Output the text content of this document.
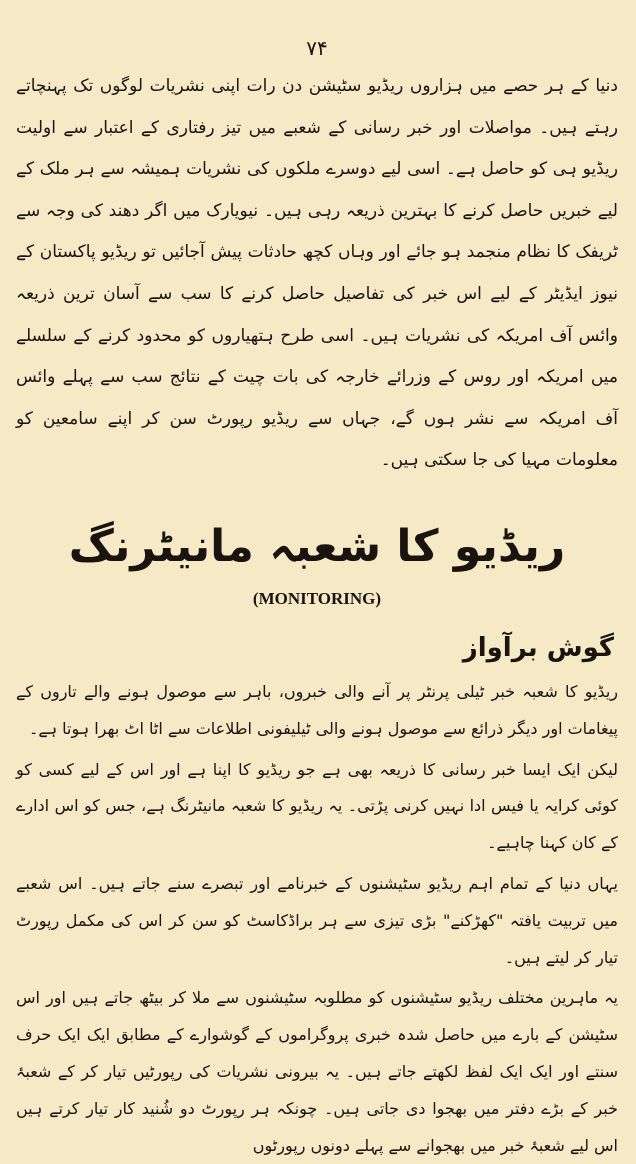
۷۴

دنیا کے ہر حصے میں ہزاروں ریڈیو سٹیشن دن رات اپنی نشریات لوگوں تک پہنچاتے رہتے ہیں۔ مواصلات اور خبر رسانی کے شعبے میں تیز رفتاری کے اعتبار سے اولیت ریڈیو ہی کو حاصل ہے۔ اسی لیے دوسرے ملکوں کی نشریات ہمیشہ سے ہر ملک کے لیے خبریں حاصل کرنے کا بہترین ذریعہ رہی ہیں۔ نیویارک میں اگر دھند کی وجہ سے ٹریفک کا نظام منجمد ہو جائے اور وہاں کچھ حادثات پیش آجائیں تو ریڈیو پاکستان کے نیوز ایڈیٹر کے لیے اس خبر کی تفاصیل حاصل کرنے کا سب سے آسان ترین ذریعہ وائس آف امریکہ کی نشریات ہیں۔ اسی طرح ہتھیاروں کو محدود کرنے کے سلسلے میں امریکہ اور روس کے وزرائے خارجہ کی بات چیت کے نتائج سب سے پہلے وائس آف امریکہ سے نشر ہوں گے، جہاں سے ریڈیو رپورٹ سن کر اپنے سامعین کو معلومات مہیا کی جا سکتی ہیں۔

ریڈیو کا شعبہ مانیٹرنگ
(MONITORING)
گوش برآواز

ریڈیو کا شعبہ خبر ٹیلی پرنٹر پر آنے والی خبروں، باہر سے موصول ہونے والے تاروں کے پیغامات اور دیگر ذرائع سے موصول ہونے والی ٹیلیفونی اطلاعات سے اٹا اٹ بھرا ہوتا ہے۔

لیکن ایک ایسا خبر رسانی کا ذریعہ بھی ہے جو ریڈیو کا اپنا ہے اور اس کے لیے کسی کو کوئی کرایہ یا فیس ادا نہیں کرنی پڑتی۔ یہ ریڈیو کا شعبہ مانیٹرنگ ہے، جس کو اس ادارے کے کان کہنا چاہیے۔

یہاں دنیا کے تمام اہم ریڈیو سٹیشنوں کے خبرنامے اور تبصرے سنے جاتے ہیں۔ اس شعبے میں تربیت یافتہ "کھڑکنے" بڑی تیزی سے ہر براڈکاسٹ کو سن کر اس کی مکمل رپورٹ تیار کر لیتے ہیں۔

یہ ماہرین مختلف ریڈیو سٹیشنوں کو مطلوبہ سٹیشنوں سے ملا کر بیٹھ جاتے ہیں اور اس سٹیشن کے بارے میں حاصل شدہ خبری پروگراموں کے گوشوارے کے مطابق ایک ایک حرف سنتے اور ایک ایک لفظ لکھتے جاتے ہیں۔ یہ بیرونی نشریات کی رپورٹیں تیار کر کے شعبۂ خبر کے بڑے دفتر میں بھجوا دی جاتی ہیں۔ چونکہ ہر رپورٹ دو شُنید کار تیار کرتے ہیں اس لیے شعبۂ خبر میں بھجوانے سے پہلے دونوں رپورٹوں
